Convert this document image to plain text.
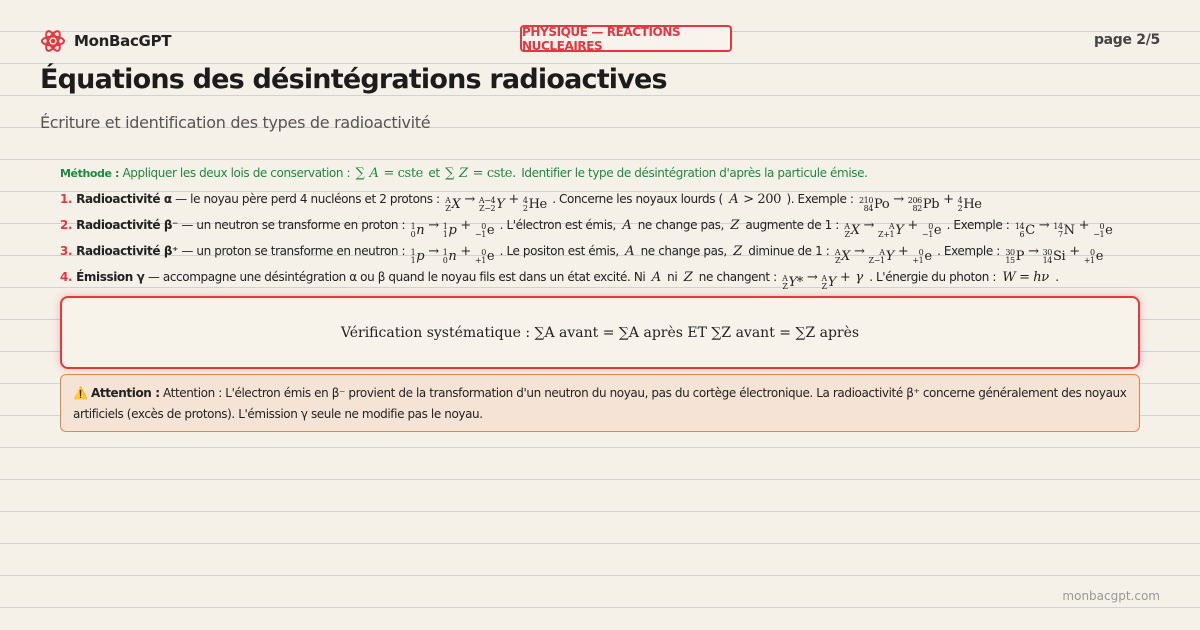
MonBacGPT
PHYSIQUE — REACTIONS NUCLEAIRES	page 2/5
Équations des désintégrations radioactives
Écriture et identification des types de radioactivité
Méthode : Appliquer les deux lois de conservation : ∑ A = cste et ∑ Z = cste. Identifier le type de désintégration d'après la particule émise.
1. Radioactivité α — le noyau père perd 4 nucléons et 2 protons : A
Z X → A−4
Z−2 Y + 4
2 He . Concerne les noyaux lourds ( A > 200 ). Exemple : 210
84 Po → 206
82 Pb + 4
2 He
2. Radioactivité β⁻ — un neutron se transforme en proton : 1
0 n → 1
1 p +	0
−1 e . L'électron est émis, A ne change pas, Z augmente de 1 : A
Z X →	A
Z+1 Y +	0
−1 e . Exemple : 14
6 C → 14
7 N +	0
−1 e
3. Radioactivité β⁺ — un proton se transforme en neutron : 1
1 p → 1
0 n +	0
+1 e . Le positon est émis, A ne change pas, Z diminue de 1 : A
Z X →	A
Z−1 Y +	0
+1 e . Exemple : 30
15 P → 30
14 Si +	0
+1 e
4. Émission γ — accompagne une désintégration α ou β quand le noyau fils est dans un état excité. Ni A ni Z ne changent : A
Z Y* → A
Z Y + γ . L'énergie du photon : W = hν .
Vérification systématique : ∑A avant = ∑A après ET ∑Z avant = ∑Z après
⚠️ Attention : Attention : L'électron émis en β⁻ provient de la transformation d'un neutron du noyau, pas du cortège électronique. La radioactivité β⁺ concerne généralement des noyaux artificiels (excès de protons). L'émission γ seule ne modifie pas le noyau.
monbacgpt.com
